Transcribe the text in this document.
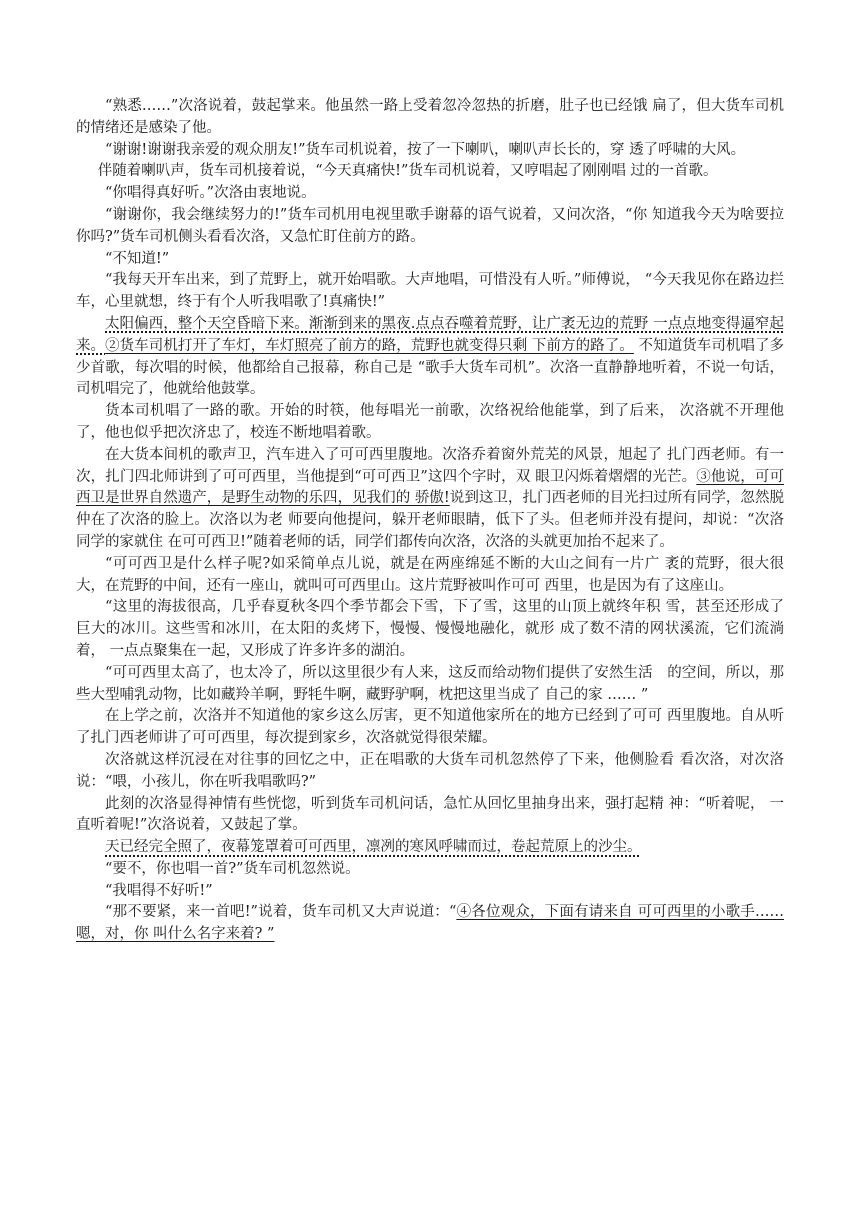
“熟悉……”次洛说着，鼓起掌来。他虽然一路上受着忽冷忽热的折磨，肚子也已经饿 扁了，但大货车司机的情绪还是感染了他。

“谢谢!谢谢我亲爱的观众朋友!”货车司机说着，按了一下喇叭，喇叭声长长的，穿 透了呼啸的大风。

伴随着喇叭声，货车司机接着说，“今天真痛快!”货车司机说着，又哼唱起了刚刚唱 过的一首歌。

“你唱得真好听。”次洛由衷地说。

“谢谢你，我会继续努力的!”货车司机用电视里歌手谢幕的语气说着，又问次洛，“你 知道我今天为啥要拉你吗?”货车司机侧头看看次洛，又急忙盯住前方的路。

“不知道!”

“我每天开车出来，到了荒野上，就开始唱歌。大声地唱，可惜没有人听。”师傅说， “今天我见你在路边拦车，心里就想，终于有个人听我唱歌了!真痛快!”

太阳偏西，整个天空昏暗下来。渐渐到来的黑夜.点点吞噬着荒野，让广袤无边的荒野 一点点地变得逼窄起来。②货车司机打开了车灯，车灯照亮了前方的路，荒野也就变得只剩 下前方的路了。 不知道货车司机唱了多少首歌，每次唱的时候，他都给自己报幕，称自己是 “歌手大货车司机”。次洛一直静静地听着，不说一句话，司机唱完了，他就给他鼓掌。

货本司机唱了一路的歌。开始的时筷，他每唱光一前歌，次络祝给他能掌，到了后来， 次洛就不开理他了，他也似乎把次济忠了，校连不断地唱着歌。

在大货本间机的歌声卫，汽车进入了可可西里腹地。次洛乔着窗外荒芜的风景，旭起了 扎门西老师。有一次，扎门四北师讲到了可可西里，当他提到“可可西卫”这四个字时，双 眼卫闪烁着熠熠的光芒。③他说，可可西卫是世界自然遗产，是野生动物的乐四，见我们的 骄傲!说到这卫，扎门西老师的目光扫过所有同学，忽然脱仲在了次洛的脸上。次洛以为老 师要向他提问，躲开老师眼睛，低下了头。但老师并没有提问，却说：“次洛同学的家就住 在可可西卫!”随着老师的话，同学们都传向次洛，次洛的头就更加抬不起来了。

“可可西卫是什么样子呢?如采简单点儿说，就是在两座绵延不断的大山之间有一片广 袤的荒野，很大很大，在荒野的中间，还有一座山，就叫可可西里山。这片荒野被叫作可可 西里，也是因为有了这座山。

“这里的海拔很高，几乎春夏秋冬四个季节都会下雪，下了雪，这里的山顶上就终年积 雪，甚至还形成了巨大的冰川。这些雪和冰川，在太阳的炙烤下，慢慢、慢慢地融化，就形 成了数不清的网状溪流，它们流淌着， 一点点聚集在一起，又形成了许多许多的湖泊。

“可可西里太高了，也太冷了，所以这里很少有人来，这反而给动物们提供了安然生活　的空间，所以，那些大型哺乳动物，比如藏羚羊啊，野牦牛啊，藏野驴啊，枕把这里当成了 自己的家 …… ”

在上学之前，次洛并不知道他的家乡这么厉害，更不知道他家所在的地方已经到了可可 西里腹地。自从听了扎门西老师讲了可可西里，每次提到家乡，次洛就觉得很荣耀。

次洛就这样沉浸在对往事的回忆之中，正在唱歌的大货车司机忽然停了下来，他侧脸看 看次洛，对次洛说：“喂，小孩儿，你在听我唱歌吗?”

此刻的次洛显得神情有些恍惚，听到货车司机问话，急忙从回忆里抽身出来，强打起精 神：“听着呢， 一直听着呢!”次洛说着，又鼓起了掌。

天已经完全照了，夜幕笼罩着可可西里，凛冽的寒风呼啸而过，卷起荒原上的沙尘。

“要不，你也唱一首?”货车司机忽然说。

“我唱得不好听!”

“那不要紧，来一首吧!”说着，货车司机又大声说道：“④各位观众，下面有请来自 可可西里的小歌手……嗯，对，你 叫什么名字来着? ”
